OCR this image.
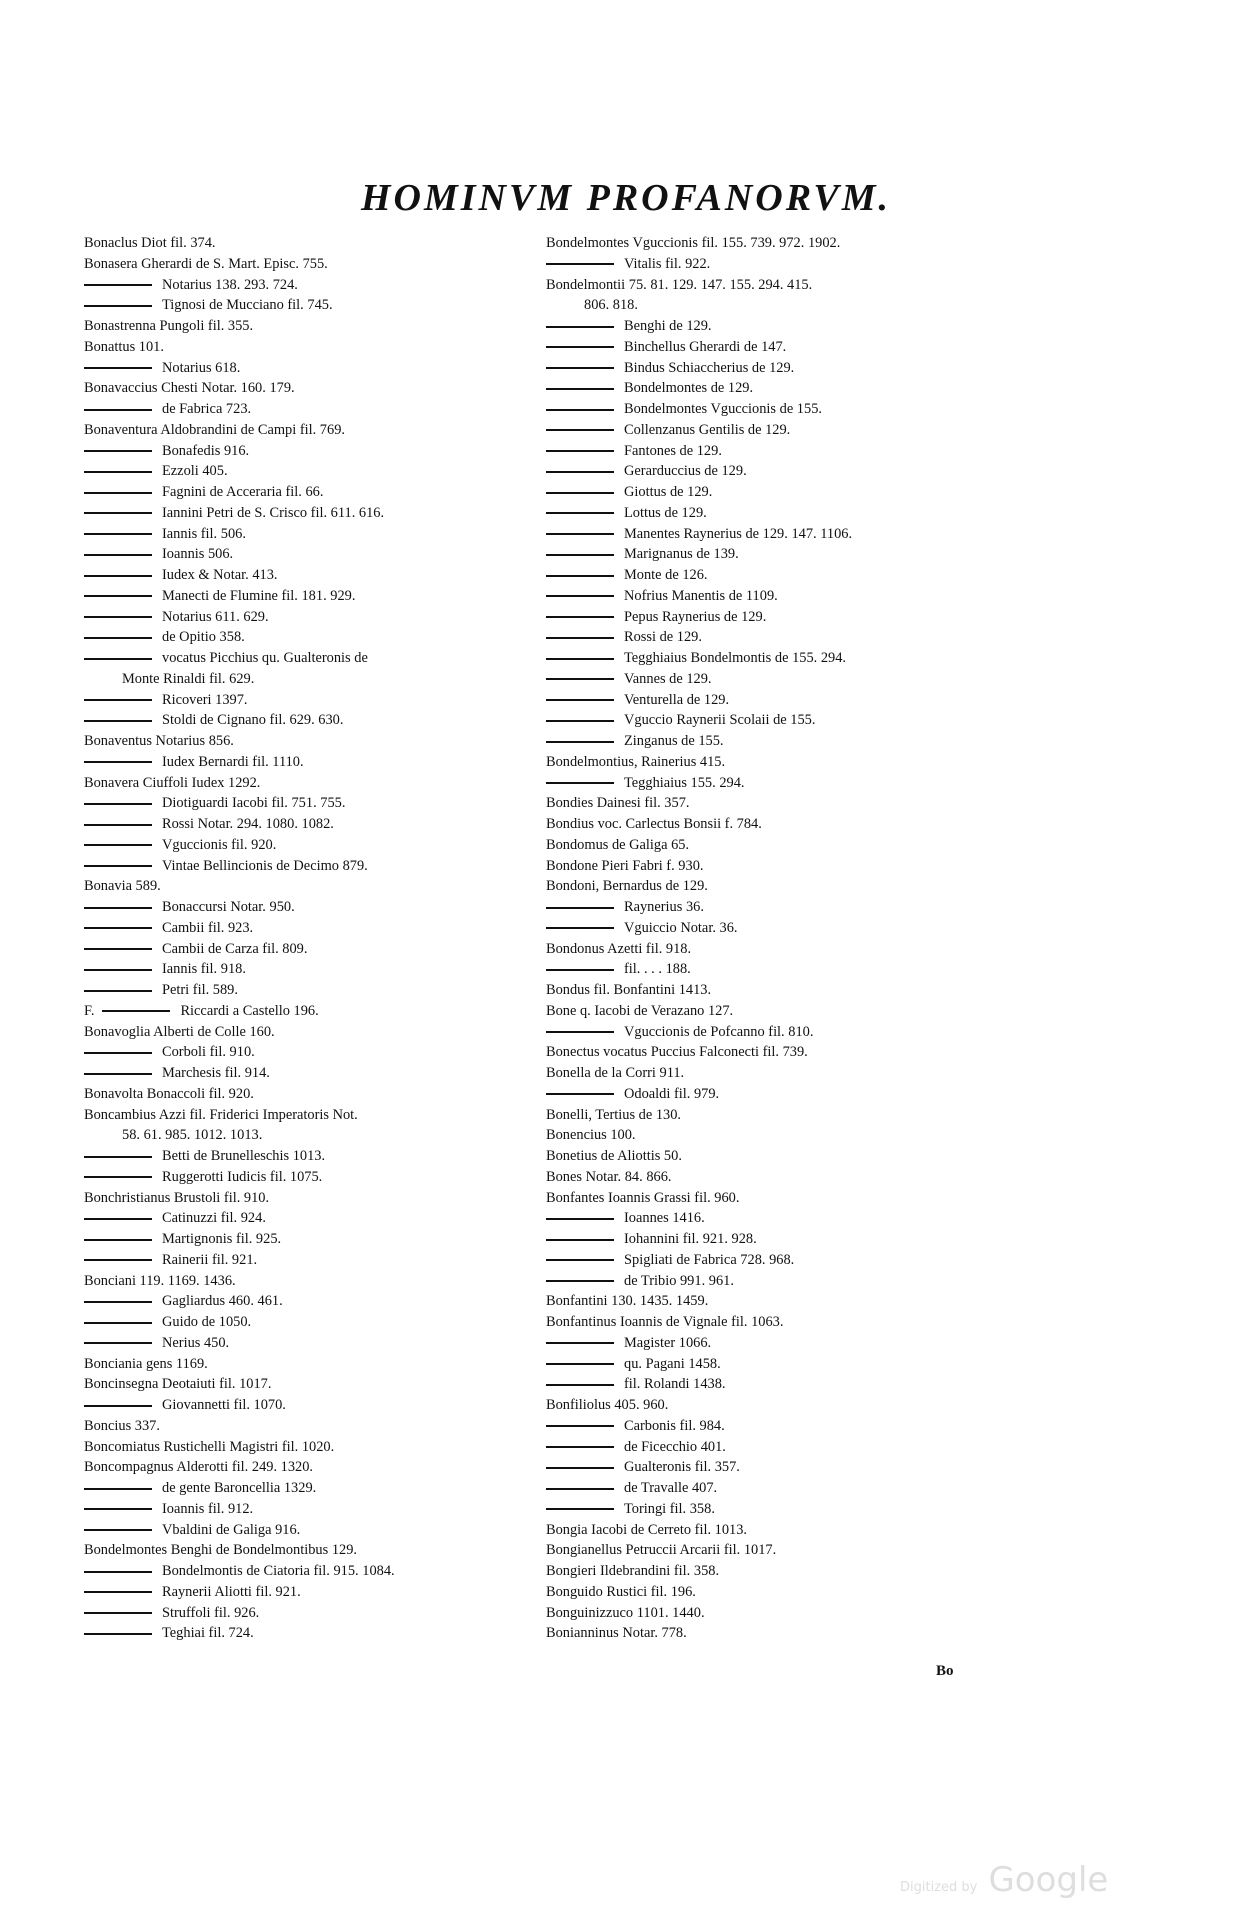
HOMINVM PROFANORVM.
Bonaclus Diot fil. 374.
Bonasera Gherardi de S. Mart. Episc. 755.
Notarius 138. 293. 724.
Tignosi de Mucciano fil. 745.
Bonastrenna Pungoli fil. 355.
Bonattus 101.
Notarius 618.
Bonavaccius Chesti Notar. 160. 179.
de Fabrica 723.
Bonaventura Aldobrandini de Campi fil. 769.
Bonafedis 916.
Ezzoli 405.
Fagnini de Acceraria fil. 66.
Iannini Petri de S. Crisco fil. 611. 616.
Iannis fil. 506.
Ioannis 506.
Iudex & Notar. 413.
Manecti de Flumine fil. 181. 929.
Notarius 611. 629.
de Opitio 358.
vocatus Picchius qu. Gualteronis de
Monte Rinaldi fil. 629.
Ricoveri 1397.
Stoldi de Cignano fil. 629. 630.
Bonaventus Notarius 856.
Iudex Bernardi fil. 1110.
Bonavera Ciuffoli Iudex 1292.
Diotiguardi Iacobi fil. 751. 755.
Rossi Notar. 294. 1080. 1082.
Vguccionis fil. 920.
Vintae Bellincionis de Decimo 879.
Bonavia 589.
Bonaccursi Notar. 950.
Cambii fil. 923.
Cambii de Carza fil. 809.
Iannis fil. 918.
Petri fil. 589.
F.	Riccardi a Castello 196.
Bonavoglia Alberti de Colle 160.
Corboli fil. 910.
Marchesis fil. 914.
Bonavolta Bonaccoli fil. 920.
Boncambius Azzi fil. Friderici Imperatoris Not.
58. 61. 985. 1012. 1013.
Betti de Brunelleschis 1013.
Ruggerotti Iudicis fil. 1075.
Bonchristianus Brustoli fil. 910.
Catinuzzi fil. 924.
Martignonis fil. 925.
Rainerii fil. 921.
Bonciani 119. 1169. 1436.
Gagliardus 460. 461.
Guido de 1050.
Nerius 450.
Bonciania gens 1169.
Boncinsegna Deotaiuti fil. 1017.
Giovannetti fil. 1070.
Boncius 337.
Boncomiatus Rustichelli Magistri fil. 1020.
Boncompagnus Alderotti fil. 249. 1320.
de gente Baroncellia 1329.
Ioannis fil. 912.
Vbaldini de Galiga 916.
Bondelmontes Benghi de Bondelmontibus 129.
Bondelmontis de Ciatoria fil. 915. 1084.
Raynerii Aliotti fil. 921.
Struffoli fil. 926.
Teghiai fil. 724.
Bondelmontes Vguccionis fil. 155. 739. 972. 1902.
Vitalis fil. 922.
Bondelmontii 75. 81. 129. 147. 155. 294. 415.
806. 818.
Benghi de 129.
Binchellus Gherardi de 147.
Bindus Schiaccherius de 129.
Bondelmontes de 129.
Bondelmontes Vguccionis de 155.
Collenzanus Gentilis de 129.
Fantones de 129.
Gerarduccius de 129.
Giottus de 129.
Lottus de 129.
Manentes Raynerius de 129. 147. 1106.
Marignanus de 139.
Monte de 126.
Nofrius Manentis de 1109.
Pepus Raynerius de 129.
Rossi de 129.
Tegghiaius Bondelmontis de 155. 294.
Vannes de 129.
Venturella de 129.
Vguccio Raynerii Scolaii de 155.
Zinganus de 155.
Bondelmontius, Rainerius 415.
Tegghiaius 155. 294.
Bondies Dainesi fil. 357.
Bondius voc. Carlectus Bonsii f. 784.
Bondomus de Galiga 65.
Bondone Pieri Fabri f. 930.
Bondoni, Bernardus de 129.
Raynerius 36.
Vguiccio Notar. 36.
Bondonus Azetti fil. 918.
fil. . . . 188.
Bondus fil. Bonfantini 1413.
Bone q. Iacobi de Verazano 127.
Vguccionis de Pofcanno fil. 810.
Bonectus vocatus Puccius Falconecti fil. 739.
Bonella de la Corri 911.
Odoaldi fil. 979.
Bonelli, Tertius de 130.
Bonencius 100.
Bonetius de Aliottis 50.
Bones Notar. 84. 866.
Bonfantes Ioannis Grassi fil. 960.
Ioannes 1416.
Iohannini fil. 921. 928.
Spigliati de Fabrica 728. 968.
de Tribio 991. 961.
Bonfantini 130. 1435. 1459.
Bonfantinus Ioannis de Vignale fil. 1063.
Magister 1066.
qu. Pagani 1458.
fil. Rolandi 1438.
Bonfiliolus 405. 960.
Carbonis fil. 984.
de Ficecchio 401.
Gualteronis fil. 357.
de Travalle 407.
Toringi fil. 358.
Bongia Iacobi de Cerreto fil. 1013.
Bongianellus Petruccii Arcarii fil. 1017.
Bongieri Ildebrandini fil. 358.
Bonguido Rustici fil. 196.
Bonguinizzuco 1101. 1440.
Bonianninus Notar. 778.
Bo
Digitized by Google
